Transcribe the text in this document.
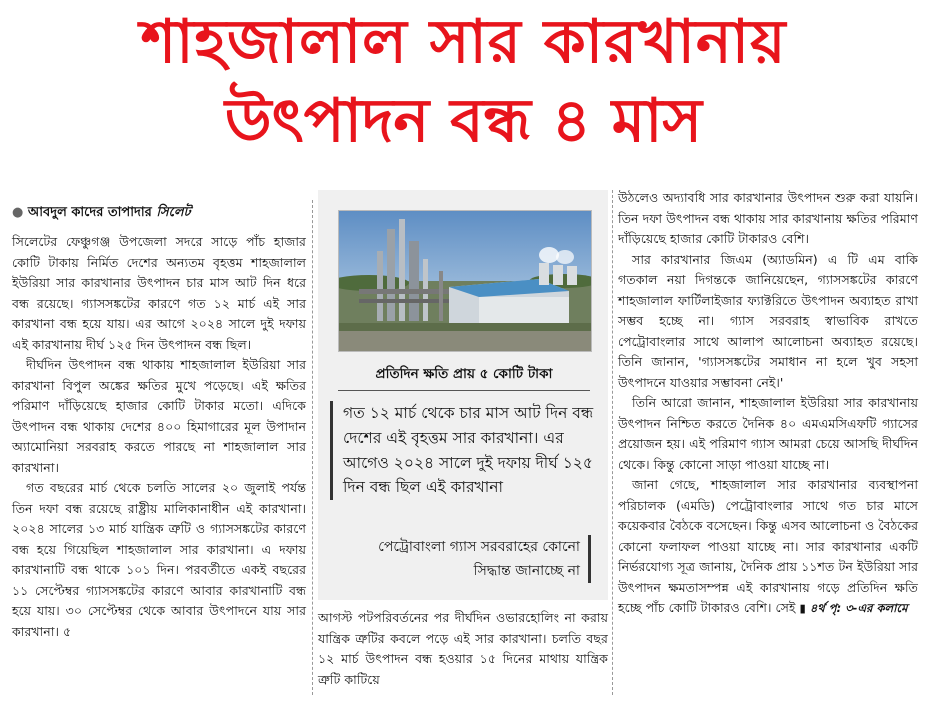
শাহজালাল সার কারখানায়
উৎপাদন বন্ধ ৪ মাস
● আবদুল কাদের তাপাদার সিলেট

সিলেটের ফেঞ্চুগঞ্জ উপজেলা সদরে সাড়ে পাঁচ হাজার কোটি টাকায় নির্মিত দেশের অন্যতম বৃহত্তম শাহজালাল ইউরিয়া সার কারখানার উৎপাদন চার মাস আট দিন ধরে বন্ধ রয়েছে। গ্যাসসঙ্কটের কারণে গত ১২ মার্চ এই সার কারখানা বন্ধ হয়ে যায়। এর আগে ২০২৪ সালে দুই দফায় এই কারখানায় দীর্ঘ ১২৫ দিন উৎপাদন বন্ধ ছিল।

দীর্ঘদিন উৎপাদন বন্ধ থাকায় শাহজালাল ইউরিয়া সার কারখানা বিপুল অঙ্কের ক্ষতির মুখে পড়েছে। এই ক্ষতির পরিমাণ দাঁড়িয়েছে হাজার কোটি টাকার মতো। এদিকে উৎপাদন বন্ধ থাকায় দেশের ৪০০ হিমাগারের মূল উপাদান অ্যামোনিয়া সরবরাহ করতে পারছে না শাহজালাল সার কারখানা।

গত বছরের মার্চ থেকে চলতি সালের ২০ জুলাই পর্যন্ত তিন দফা বন্ধ রয়েছে রাষ্ট্রীয় মালিকানাধীন এই কারখানা। ২০২৪ সালের ১৩ মার্চ যান্ত্রিক ত্রুটি ও গ্যাসসঙ্কটের কারণে বন্ধ হয়ে গিয়েছিল শাহজালাল সার কারখানা। এ দফায় কারখানাটি বন্ধ থাকে ১০১ দিন। পরবর্তীতে একই বছরের ১১ সেপ্টেম্বর গ্যাসসঙ্কটের কারণে আবার কারখানাটি বন্ধ হয়ে যায়। ৩০ সেপ্টেম্বর থেকে আবার উৎপাদনে যায় সার কারখানা। ৫

প্রতিদিন ক্ষতি প্রায় ৫ কোটি টাকা
গত ১২ মার্চ থেকে চার মাস আট দিন বন্ধ দেশের এই বৃহত্তম সার কারখানা। এর আগেও ২০২৪ সালে দুই দফায় দীর্ঘ ১২৫ দিন বন্ধ ছিল এই কারখানা
পেট্রোবাংলা গ্যাস সরবরাহের কোনো সিদ্ধান্ত জানাচ্ছে না

আগস্ট পটপরিবর্তনের পর দীর্ঘদিন ওভারহোলিং না করায় যান্ত্রিক ত্রুটির কবলে পড়ে এই সার কারখানা। চলতি বছর ১২ মার্চ উৎপাদন বন্ধ হওয়ার ১৫ দিনের মাথায় যান্ত্রিক ত্রুটি কাটিয়ে

উঠলেও অদ্যাবধি সার কারখানার উৎপাদন শুরু করা যায়নি। তিন দফা উৎপাদন বন্ধ থাকায় সার কারখানায় ক্ষতির পরিমাণ দাঁড়িয়েছে হাজার কোটি টাকারও বেশি।

সার কারখানার জিএম (অ্যাডমিন) এ টি এম বাকি গতকাল নয়া দিগন্তকে জানিয়েছেন, গ্যাসসঙ্কটের কারণে শাহজালাল ফার্টিলাইজার ফ্যাক্টরিতে উৎপাদন অব্যাহত রাখা সম্ভব হচ্ছে না। গ্যাস সরবরাহ স্বাভাবিক রাখতে পেট্রোবাংলার সাথে আলাপ আলোচনা অব্যাহত রয়েছে। তিনি জানান, 'গ্যাসসঙ্কটের সমাধান না হলে খুব সহসা উৎপাদনে যাওয়ার সম্ভাবনা নেই।'

তিনি আরো জানান, শাহজালাল ইউরিয়া সার কারখানায় উৎপাদন নিশ্চিত করতে দৈনিক ৪০ এমএমসিএফটি গ্যাসের প্রয়োজন হয়। এই পরিমাণ গ্যাস আমরা চেয়ে আসছি দীর্ঘদিন থেকে। কিন্তু কোনো সাড়া পাওয়া যাচ্ছে না।

জানা গেছে, শাহজালাল সার কারখানার ব্যবস্থাপনা পরিচালক (এমডি) পেট্রোবাংলার সাথে গত চার মাসে কয়েকবার বৈঠকে বসেছেন। কিন্তু এসব আলোচনা ও বৈঠকের কোনো ফলাফল পাওয়া যাচ্ছে না। সার কারখানার একটি নির্ভরযোগ্য সূত্র জানায়, দৈনিক প্রায় ১১শত টন ইউরিয়া সার উৎপাদন ক্ষমতাসম্পন্ন এই কারখানায় গড়ে প্রতিদিন ক্ষতি হচ্ছে পাঁচ কোটি টাকারও বেশি। সেই ▮ ৪র্থ পৃ: ৩-এর কলামে
